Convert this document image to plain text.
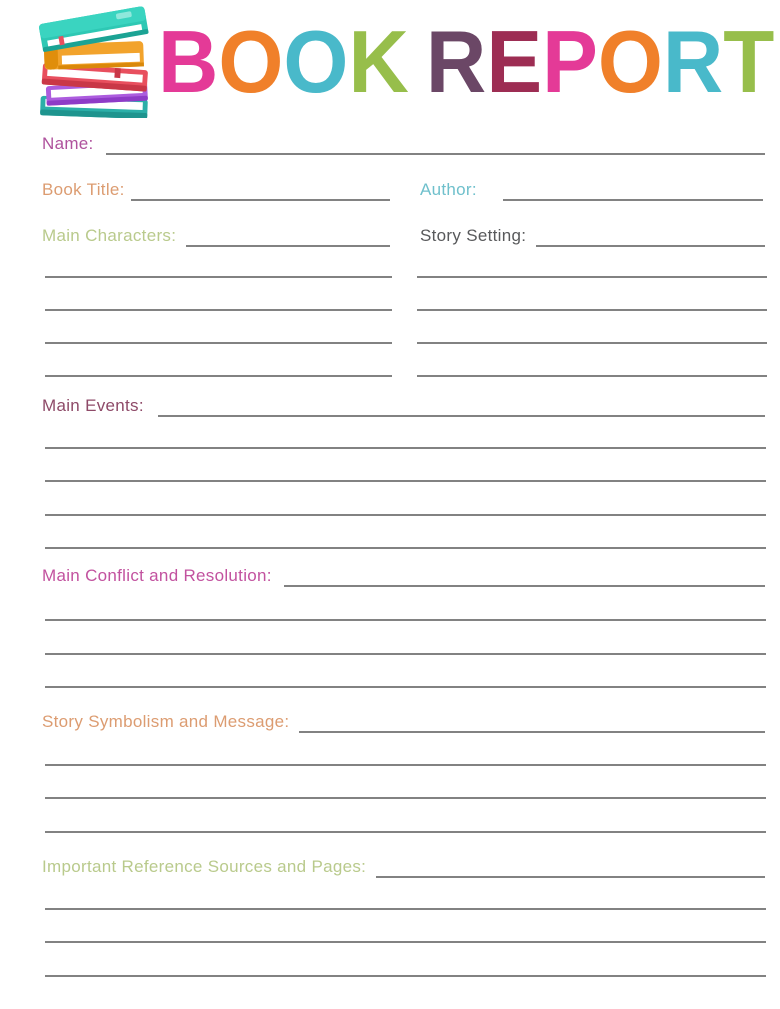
BOOK REPORT
Name:
Book Title:	Author:
Main Characters:	Story Setting:
Main Events:
Main Conflict and Resolution:
Story Symbolism and Message:
Important Reference Sources and Pages:
